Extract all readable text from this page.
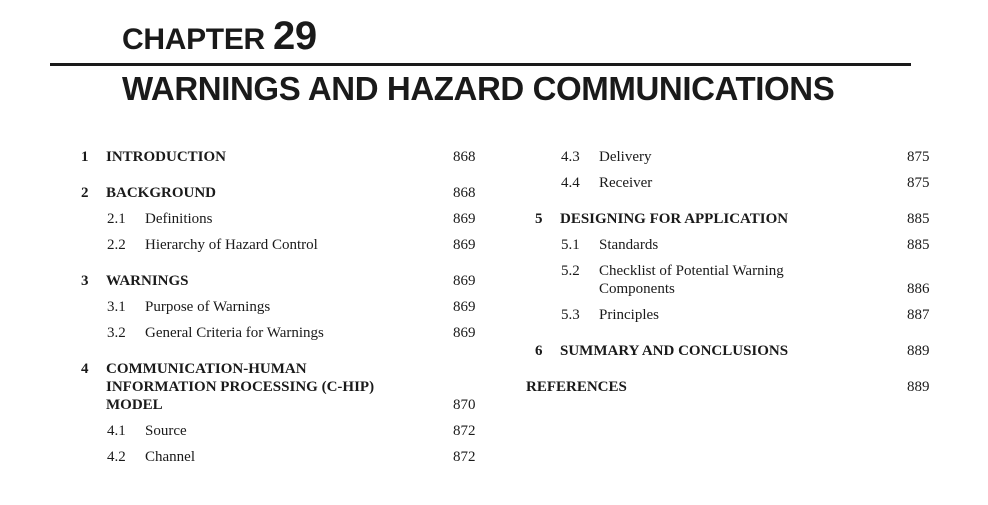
CHAPTER 29
WARNINGS AND HAZARD COMMUNICATIONS
1 INTRODUCTION	868
2 BACKGROUND	868
2.1 Definitions	869
2.2 Hierarchy of Hazard Control	869
3 WARNINGS	869
3.1 Purpose of Warnings	869
3.2 General Criteria for Warnings	869
4 COMMUNICATION-HUMAN
INFORMATION PROCESSING (C-HIP)
MODEL	870
4.1 Source	872
4.2 Channel	872
4.3 Delivery	875
4.4 Receiver	875
5 DESIGNING FOR APPLICATION	885
5.1 Standards	885
5.2 Checklist of Potential Warning
Components	886
5.3 Principles	887
6 SUMMARY AND CONCLUSIONS	889
REFERENCES	889
